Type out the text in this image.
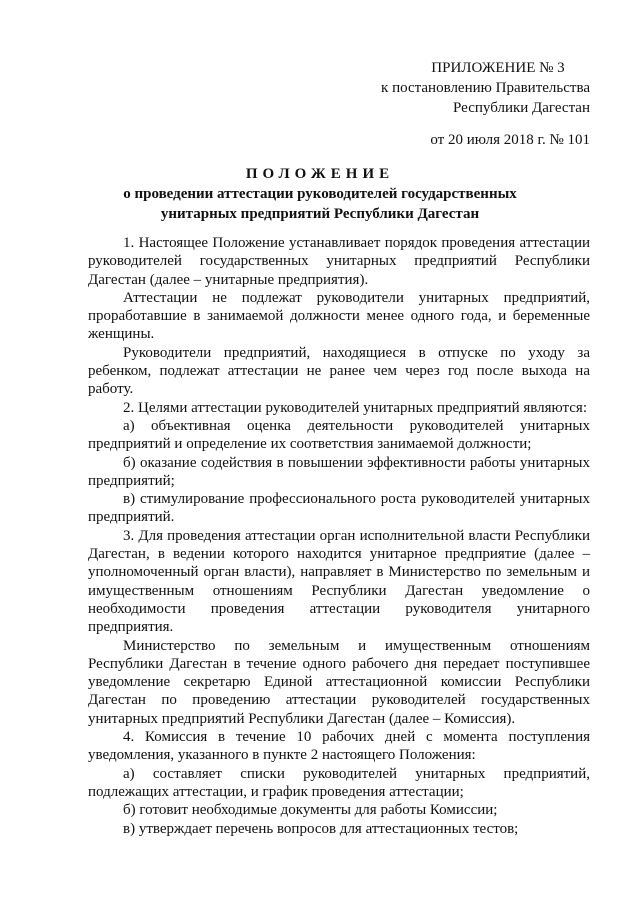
ПРИЛОЖЕНИЕ № 3
к постановлению Правительства
Республики Дагестан
от 20 июля 2018 г. № 101
ПОЛОЖЕНИЕ
о проведении аттестации руководителей государственных
унитарных предприятий Республики Дагестан

1. Настоящее Положение устанавливает порядок проведения аттестации руководителей государственных унитарных предприятий Республики Дагестан (далее – унитарные предприятия).

Аттестации не подлежат руководители унитарных предприятий, проработавшие в занимаемой должности менее одного года, и беременные женщины.

Руководители предприятий, находящиеся в отпуске по уходу за ребенком, подлежат аттестации не ранее чем через год после выхода на работу.

2. Целями аттестации руководителей унитарных предприятий являются:

а) объективная оценка деятельности руководителей унитарных предприятий и определение их соответствия занимаемой должности;

б) оказание содействия в повышении эффективности работы унитарных предприятий;

в) стимулирование профессионального роста руководителей унитарных предприятий.

3. Для проведения аттестации орган исполнительной власти Республики Дагестан, в ведении которого находится унитарное предприятие (далее – уполномоченный орган власти), направляет в Министерство по земельным и имущественным отношениям Республики Дагестан уведомление о необходимости проведения аттестации руководителя унитарного предприятия.

Министерство по земельным и имущественным отношениям Республики Дагестан в течение одного рабочего дня передает поступившее уведомление секретарю Единой аттестационной комиссии Республики Дагестан по проведению аттестации руководителей государственных унитарных предприятий Республики Дагестан (далее – Комиссия).

4. Комиссия в течение 10 рабочих дней с момента поступления уведомления, указанного в пункте 2 настоящего Положения:

а) составляет списки руководителей унитарных предприятий, подлежащих аттестации, и график проведения аттестации;

б) готовит необходимые документы для работы Комиссии;

в) утверждает перечень вопросов для аттестационных тестов;
